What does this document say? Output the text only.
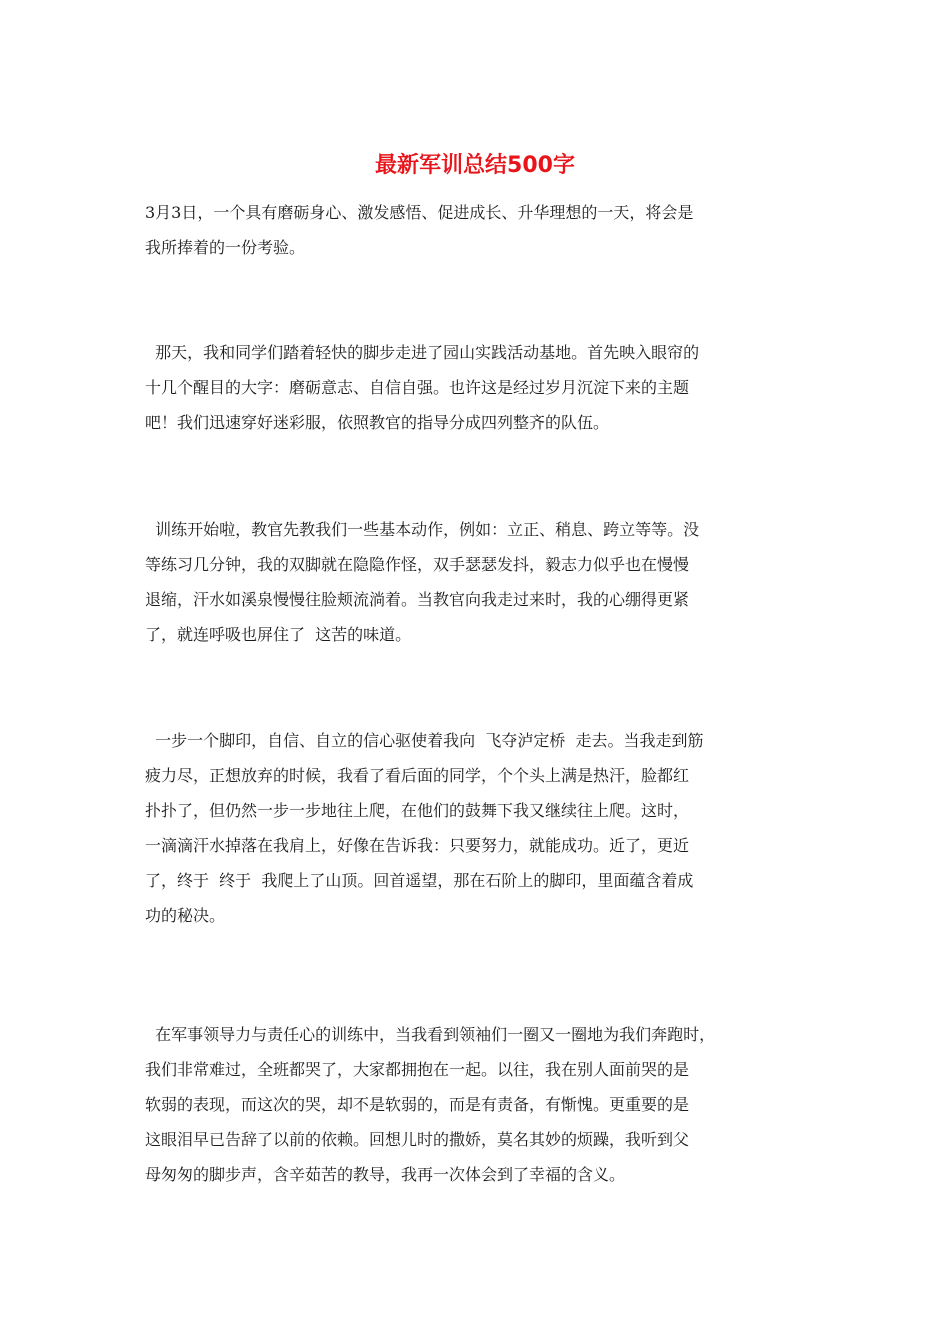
最新军训总结500字
3月3日，一个具有磨砺身心、激发感悟、促进成长、升华理想的一天，将会是
我所捧着的一份考验。
那天，我和同学们踏着轻快的脚步走进了园山实践活动基地。首先映入眼帘的
十几个醒目的大字：磨砺意志、自信自强。也许这是经过岁月沉淀下来的主题
吧！我们迅速穿好迷彩服，依照教官的指导分成四列整齐的队伍。
训练开始啦，教官先教我们一些基本动作，例如：立正、稍息、跨立等等。没
等练习几分钟，我的双脚就在隐隐作怪，双手瑟瑟发抖，毅志力似乎也在慢慢
退缩，汗水如溪泉慢慢往脸颊流淌着。当教官向我走过来时，我的心绷得更紧
了，就连呼吸也屏住了  这苦的味道。
一步一个脚印，自信、自立的信心驱使着我向  飞夺泸定桥  走去。当我走到筋
疲力尽，正想放弃的时候，我看了看后面的同学，个个头上满是热汗，脸都红
扑扑了，但仍然一步一步地往上爬，在他们的鼓舞下我又继续往上爬。这时，
一滴滴汗水掉落在我肩上，好像在告诉我：只要努力，就能成功。近了，更近
了，终于  终于  我爬上了山顶。回首遥望，那在石阶上的脚印，里面蕴含着成
功的秘决。
在军事领导力与责任心的训练中，当我看到领袖们一圈又一圈地为我们奔跑时，
我们非常难过，全班都哭了，大家都拥抱在一起。以往，我在别人面前哭的是
软弱的表现，而这次的哭，却不是软弱的，而是有责备，有惭愧。更重要的是
这眼泪早已告辞了以前的依赖。回想儿时的撒娇，莫名其妙的烦躁，我听到父
母匆匆的脚步声，含辛茹苦的教导，我再一次体会到了幸福的含义。
